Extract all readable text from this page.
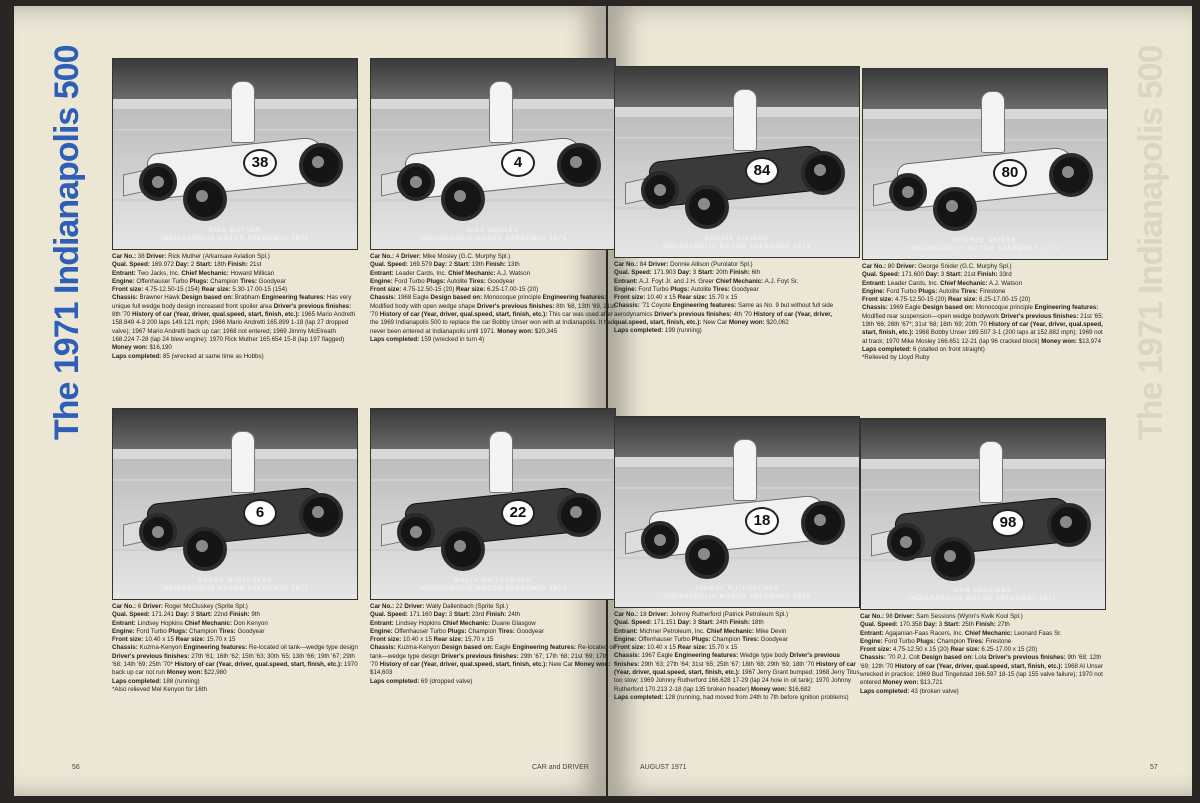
The 1971 Indianapolis 500	The 1971 Indianapolis 500
38
RICK MUTHER
INDIANAPOLIS MOTOR SPEEDWAY 1971
Car No.: 38 Driver: Rick Muther (Arkansaw Aviation Spl.)
Qual. Speed: 169.972 Day: 2 Start: 18th Finish: 21st
Entrant: Two Jacks, Inc. Chief Mechanic: Howard Millican
Engine: Offenhauser Turbo Plugs: Champion Tires: Goodyear
Front size: 4.75-12.50-15 (154) Rear size: 5.30-17.00-15 (154)
Chassis: Brawner Hawk Design based on: Brabham Engineering features: Has very unique full wedge body design increased front spoiler area Driver's previous finishes: 8th '70 History of car (Year, driver, qual.speed, start, finish, etc.): 1965 Mario Andretti 158.849 4-3 200 laps 149.121 mph; 1966 Mario Andretti 165.899 1-18 (lap 27 dropped valve); 1967 Mario Andretti back up car; 1968 not entered; 1969 Jimmy McElreath 168.224 7-28 (lap 24 blew engine); 1970 Rick Muther 165.654 15-8 (lap 197 flagged) Money won: $16,190
Laps completed: 85 (wrecked at same time as Hobbs)
4
MIKE MOSLEY
INDIANAPOLIS MOTOR SPEEDWAY 1971
Car No.: 4 Driver: Mike Mosley (G.C. Murphy Spl.)
Qual. Speed: 169.579 Day: 2 Start: 19th Finish: 13th
Entrant: Leader Cards, Inc. Chief Mechanic: A.J. Watson
Engine: Ford Turbo Plugs: Autolite Tires: Goodyear
Front size: 4.75-12.50-15 (20) Rear size: 6.25-17.00-15 (20)
Chassis: 1968 Eagle Design based on: Monocoque principle Engineering features: Modified body with open wedge shape Driver's previous finishes: 8th '68, 13th '69, 21st '70 History of car (Year, driver, qual.speed, start, finish, etc.): This car was used after the 1969 Indianapolis 500 to replace the car Bobby Unser won with at Indianapolis. It had never been entered at Indianapolis until 1971. Money won: $20,345
Laps completed: 159 (wrecked in turn 4)
84
DONNIE ALLISON
INDIANAPOLIS MOTOR SPEEDWAY 1971
Car No.: 84 Driver: Donnie Allison (Purolator Spl.)
Qual. Speed: 171.903 Day: 3 Start: 20th Finish: 6th
Entrant: A.J. Foyt Jr. and J.H. Greer Chief Mechanic: A.J. Foyt Sr.
Engine: Ford Turbo Plugs: Autolite Tires: Goodyear
Front size: 10.40 x 15 Rear size: 15.70 x 15
Chassis: '71 Coyote Engineering features: Same as No. 9 but without full side aerodynamics Driver's previous finishes: 4th '70 History of car (Year, driver, qual.speed, start, finish, etc.): New Car Money won: $20,062
Laps completed: 199 (running)
80
GEORGE SNIDER
INDIANAPOLIS MOTOR SPEEDWAY 1971
Car No.: 80 Driver: George Snider (G.C. Murphy Spl.)
Qual. Speed: 171.600 Day: 3 Start: 21st Finish: 33rd
Entrant: Leader Cards, Inc. Chief Mechanic: A.J. Watson
Engine: Ford Turbo Plugs: Autolite Tires: Firestone
Front size: 4.75-12.50-15 (20) Rear size: 6.25-17.00-15 (20)
Chassis: 1969 Eagle Design based on: Monocoque principle Engineering features: Modified rear suspension—open wedge bodywork Driver's previous finishes: 21st '65; 19th '66; 26th '67*; 31st '68; 16th '69; 20th '70 History of car (Year, driver, qual.speed, start, finish, etc.): 1968 Bobby Unser 169.507 3-1 (200 laps at 152.882 mph); 1969 not at track; 1970 Mike Mosley 166.651 12-21 (lap 96 cracked block) Money won: $13,974
Laps completed: 6 (stalled on front straight)
*Relieved by Lloyd Ruby
6
ROGER McCLUSKEY
INDIANAPOLIS MOTOR SPEEDWAY 1971
Car No.: 6 Driver: Roger McCluskey (Sprite Spl.)
Qual. Speed: 171.241 Day: 3 Start: 22nd Finish: 9th
Entrant: Lindsey Hopkins Chief Mechanic: Don Kenyon
Engine: Ford Turbo Plugs: Champion Tires: Goodyear
Front size: 10.40 x 15 Rear size: 15.70 x 15
Chassis: Kuzma-Kenyon Engineering features: Re-located oil tank—wedge type design Driver's previous finishes: 27th '61; 16th '62; 15th '63; 30th '65; 13th '66; 19th '67; 29th '68; 14th '69; 25th '70* History of car (Year, driver, qual.speed, start, finish, etc.): 1970 back up car not run Money won: $22,980
Laps completed: 188 (running)
*Also relieved Mel Kenyon for 16th
22
WALLY DALLENBACH
INDIANAPOLIS MOTOR SPEEDWAY 1971
Car No.: 22 Driver: Wally Dallenbach (Sprite Spl.)
Qual. Speed: 171.160 Day: 3 Start: 23rd Finish: 24th
Entrant: Lindsey Hopkins Chief Mechanic: Duane Glasgow
Engine: Offenhauser Turbo Plugs: Champion Tires: Goodyear
Front size: 10.40 x 15 Rear size: 15.70 x 15
Chassis: Kuzma-Kenyon Design based on: Eagle Engineering features: Re-located oil tank—wedge type design Driver's previous finishes: 29th '67; 17th '68; 21st '69; 17th '70 History of car (Year, driver, qual.speed, start, finish, etc.): New Car Money won: $14,603
Laps completed: 69 (dropped valve)
18
JOHNNY RUTHERFORD
INDIANAPOLIS MOTOR SPEEDWAY 1971
Car No.: 18 Driver: Johnny Rutherford (Patrick Petroleum Spl.)
Qual. Speed: 171.151 Day: 3 Start: 24th Finish: 18th
Entrant: Michner Petroleum, Inc. Chief Mechanic: Mike Devin
Engine: Offenhauser Turbo Plugs: Champion Tires: Goodyear
Front size: 10.40 x 15 Rear size: 15.70 x 15
Chassis: 1967 Eagle Engineering features: Wedge type body Driver's previous finishes: 29th '63; 27th '64; 31st '65; 25th '67; 18th '68; 29th '69; 18th '70 History of car (Year, driver, qual.speed, start, finish, etc.): 1967 Jerry Grant bumped; 1968 Jerry Titus too slow; 1969 Johnny Rutherford 166.628 17-29 (lap 24 hole in oil tank); 1970 Johnny Rutherford 170.213 2-18 (lap 135 broken header) Money won: $16,682
Laps completed: 128 (running, had moved from 24th to 7th before ignition problems)
98
SAM SESSIONS
INDIANAPOLIS MOTOR SPEEDWAY 1971
Car No.: 98 Driver: Sam Sessions (Wynn's Kwik Kool Spl.)
Qual. Speed: 170.358 Day: 3 Start: 25th Finish: 27th
Entrant: Agajanian-Faas Racers, Inc. Chief Mechanic: Leonard Faas Sr.
Engine: Ford Turbo Plugs: Champion Tires: Firestone
Front size: 4.75-12.50 x 15 (20) Rear size: 6.25-17.00 x 15 (20)
Chassis: '70 P.J. Colt Design based on: Lola Driver's previous finishes: 9th '68; 12th '69; 12th '70 History of car (Year, driver, qual.speed, start, finish, etc.): 1968 Al Unser wrecked in practice; 1969 Bud Tingelstad 166.597 18-15 (lap 155 valve failure); 1970 not entered Money won: $13,721
Laps completed: 43 (broken valve)
56	CAR and DRIVER	AUGUST 1971	57
